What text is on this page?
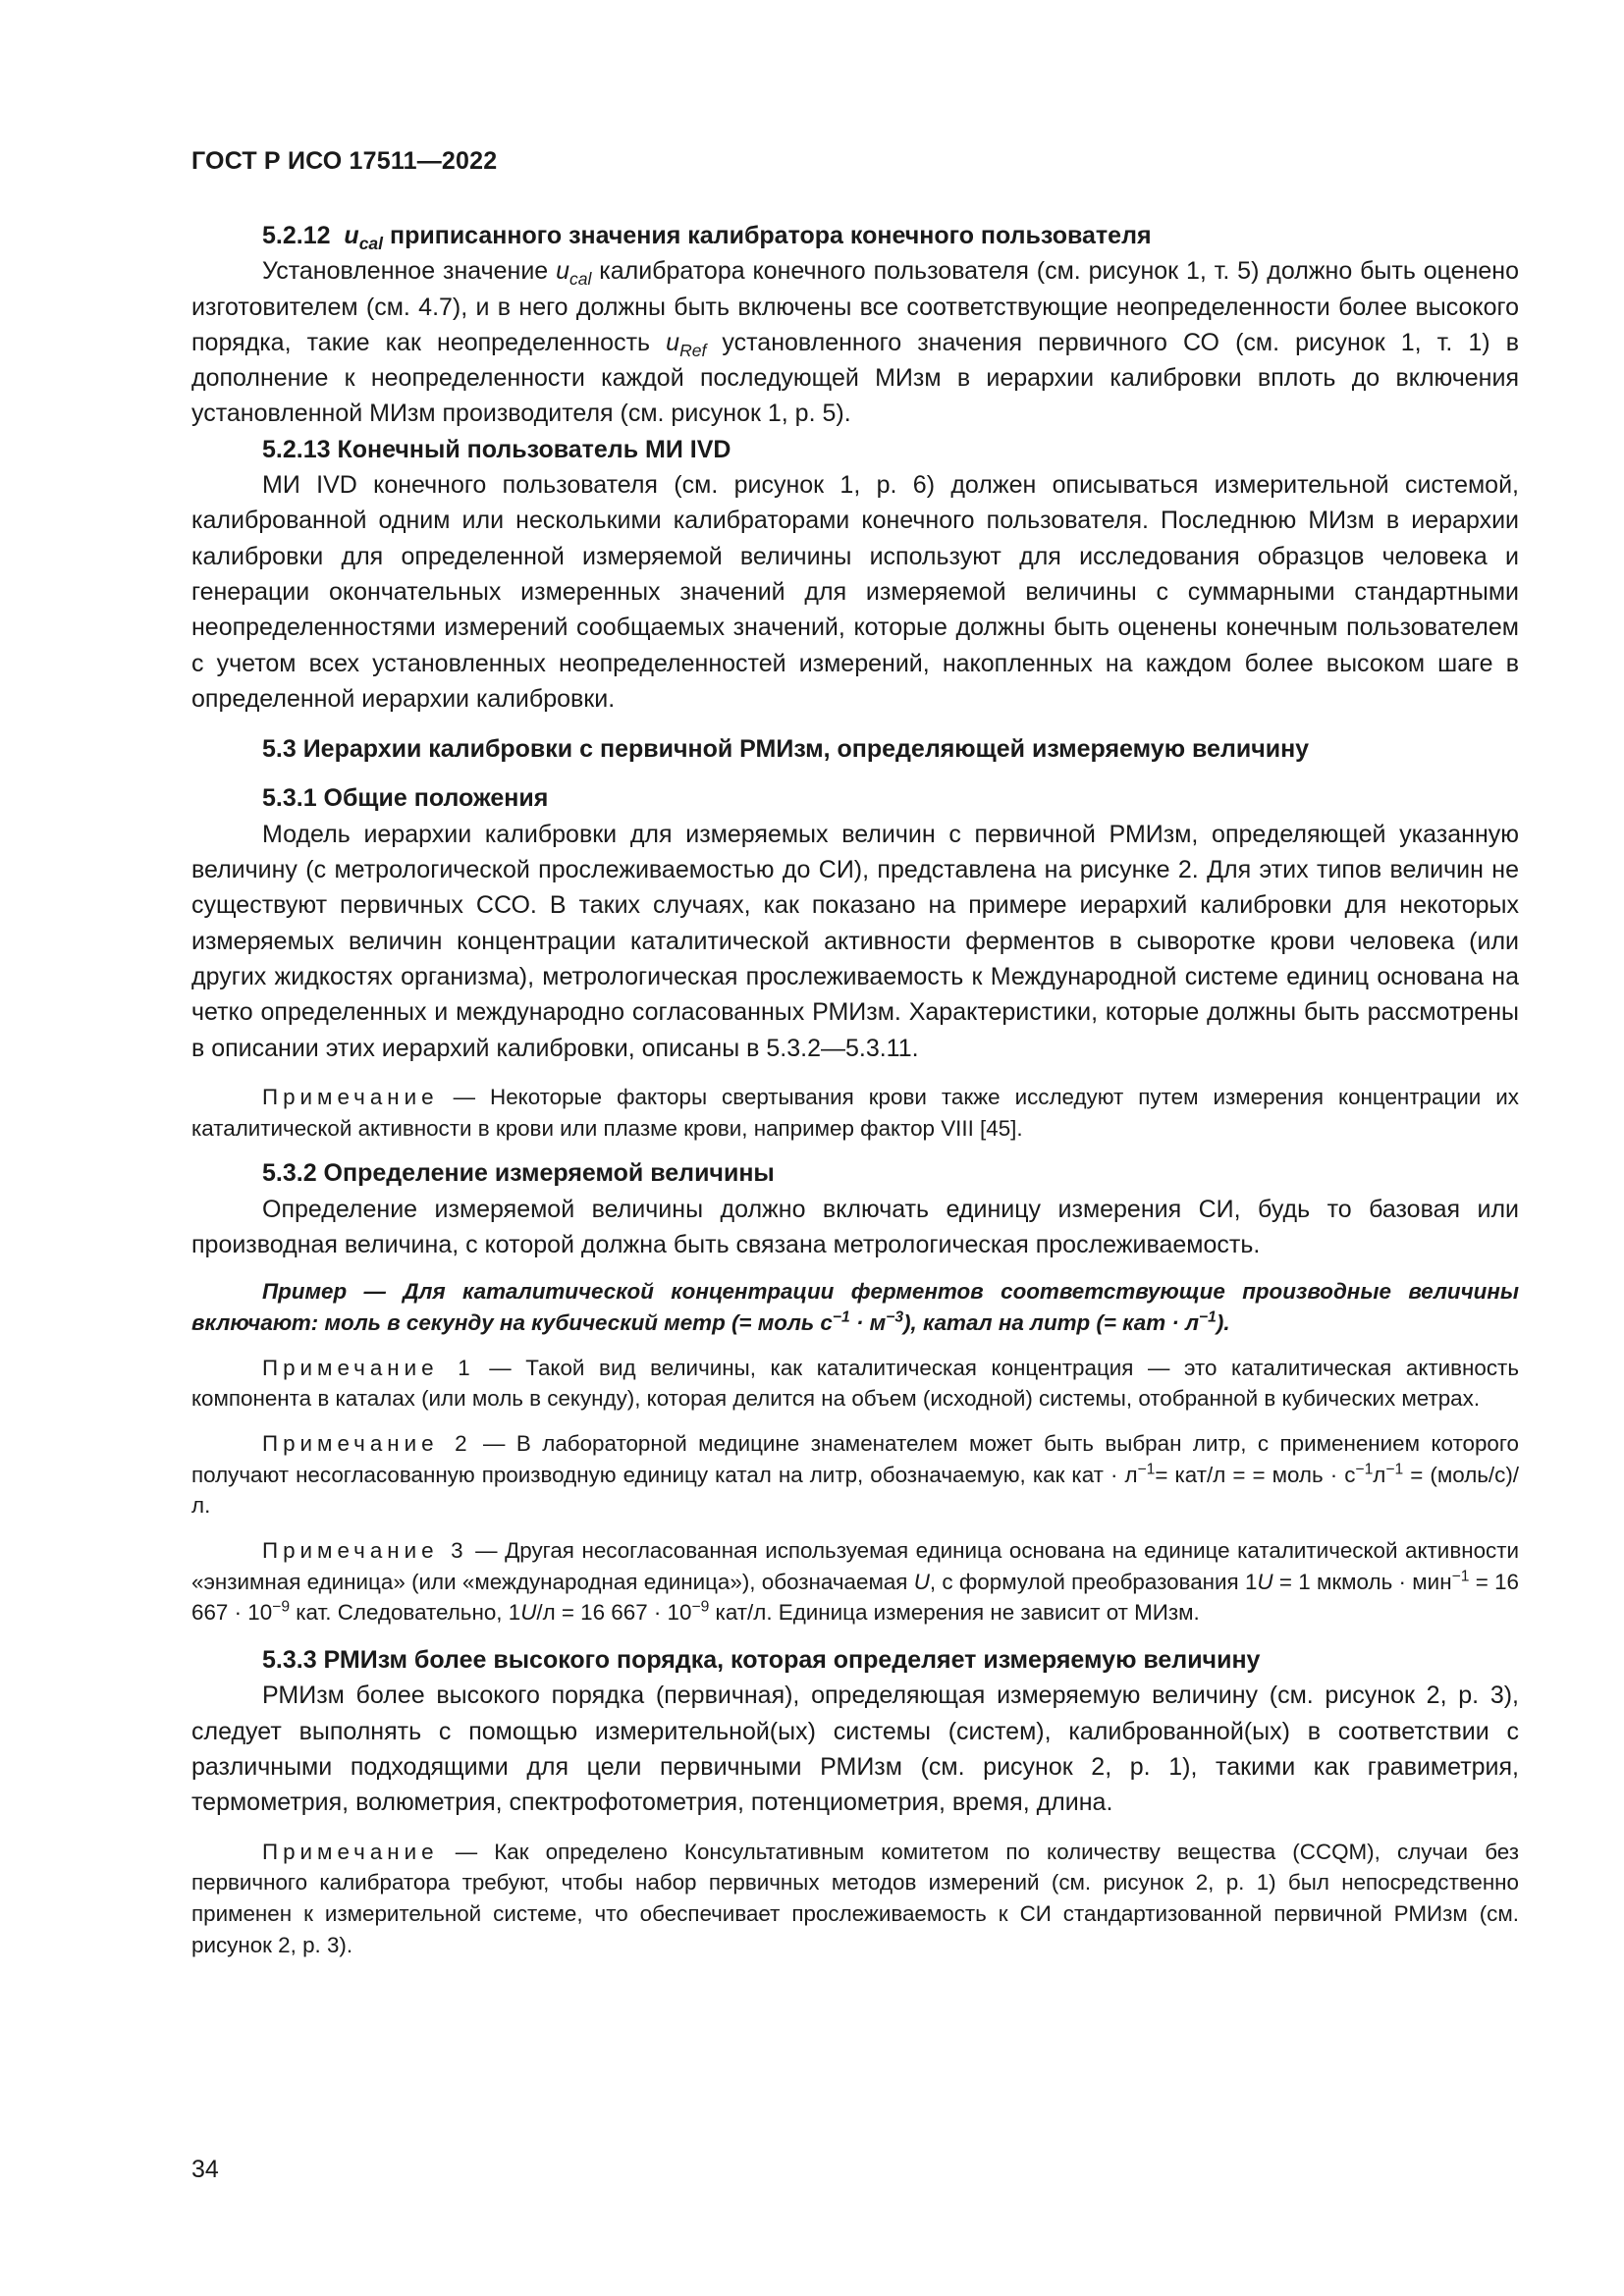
ГОСТ Р ИСО 17511—2022

5.2.12 $u_{cal}$ приписанного значения калибратора конечного пользователя

Установленное значение $u_{cal}$ калибратора конечного пользователя (см. рисунок 1, т. 5) должно быть оценено изготовителем (см. 4.7), и в него должны быть включены все соответствующие неопределенности более высокого порядка, такие как неопределенность $u_{Ref}$ установленного значения первичного СО (см. рисунок 1, т. 1) в дополнение к неопределенности каждой последующей МИзм в иерархии калибровки вплоть до включения установленной МИзм производителя (см. рисунок 1, р. 5).

5.2.13 Конечный пользователь МИ IVD

МИ IVD конечного пользователя (см. рисунок 1, р. 6) должен описываться измерительной системой, калиброванной одним или несколькими калибраторами конечного пользователя. Последнюю МИзм в иерархии калибровки для определенной измеряемой величины используют для исследования образцов человека и генерации окончательных измеренных значений для измеряемой величины с суммарными стандартными неопределенностями измерений сообщаемых значений, которые должны быть оценены конечным пользователем с учетом всех установленных неопределенностей измерений, накопленных на каждом более высоком шаге в определенной иерархии калибровки.

5.3 Иерархии калибровки с первичной РМИзм, определяющей измеряемую величину

5.3.1 Общие положения

Модель иерархии калибровки для измеряемых величин с первичной РМИзм, определяющей указанную величину (с метрологической прослеживаемостью до СИ), представлена на рисунке 2. Для этих типов величин не существуют первичных ССО. В таких случаях, как показано на примере иерархий калибровки для некоторых измеряемых величин концентрации каталитической активности ферментов в сыворотке крови человека (или других жидкостях организма), метрологическая прослеживаемость к Международной системе единиц основана на четко определенных и международно согласованных РМИзм. Характеристики, которые должны быть рассмотрены в описании этих иерархий калибровки, описаны в 5.3.2—5.3.11.

Примечание — Некоторые факторы свертывания крови также исследуют путем измерения концентрации их каталитической активности в крови или плазме крови, например фактор VIII [45].

5.3.2 Определение измеряемой величины

Определение измеряемой величины должно включать единицу измерения СИ, будь то базовая или производная величина, с которой должна быть связана метрологическая прослеживаемость.

Пример — Для каталитической концентрации ферментов соответствующие производные величины включают: моль в секунду на кубический метр (= моль $с^{-1} \cdot м^{-3}$), катал на литр (= кат · $л^{-1}$).

Примечание 1 — Такой вид величины, как каталитическая концентрация — это каталитическая активность компонента в каталах (или моль в секунду), которая делится на объем (исходной) системы, отобранной в кубических метрах.

Примечание 2 — В лабораторной медицине знаменателем может быть выбран литр, с применением которого получают несогласованную производную единицу катал на литр, обозначаемую, как кат · $л^{-1}= кат/л$ = = моль · $с^{-1}л^{-1}$ = (моль/с)/л.

Примечание 3 — Другая несогласованная используемая единица основана на единице каталитической активности «энзимная единица» (или «международная единица»), обозначаемая U, с формулой преобразования 1U = 1 мкмоль · мин$^{-1}$ = 16 $667 \cdot 10^{-9}$ кат. Следовательно, 1U/л = 16 $667 \cdot 10^{-9}$ кат/л. Единица измерения не зависит от МИзм.

5.3.3 РМИзм более высокого порядка, которая определяет измеряемую величину

РМИзм более высокого порядка (первичная), определяющая измеряемую величину (см. рисунок 2, р. 3), следует выполнять с помощью измерительной(ых) системы (систем), калиброванной(ых) в соответствии с различными подходящими для цели первичными РМИзм (см. рисунок 2, р. 1), такими как гравиметрия, термометрия, волюметрия, спектрофотометрия, потенциометрия, время, длина.

Примечание — Как определено Консультативным комитетом по количеству вещества (CCQM), случаи без первичного калибратора требуют, чтобы набор первичных методов измерений (см. рисунок 2, р. 1) был непосредственно применен к измерительной системе, что обеспечивает прослеживаемость к СИ стандартизованной первичной РМИзм (см. рисунок 2, р. 3).

34
